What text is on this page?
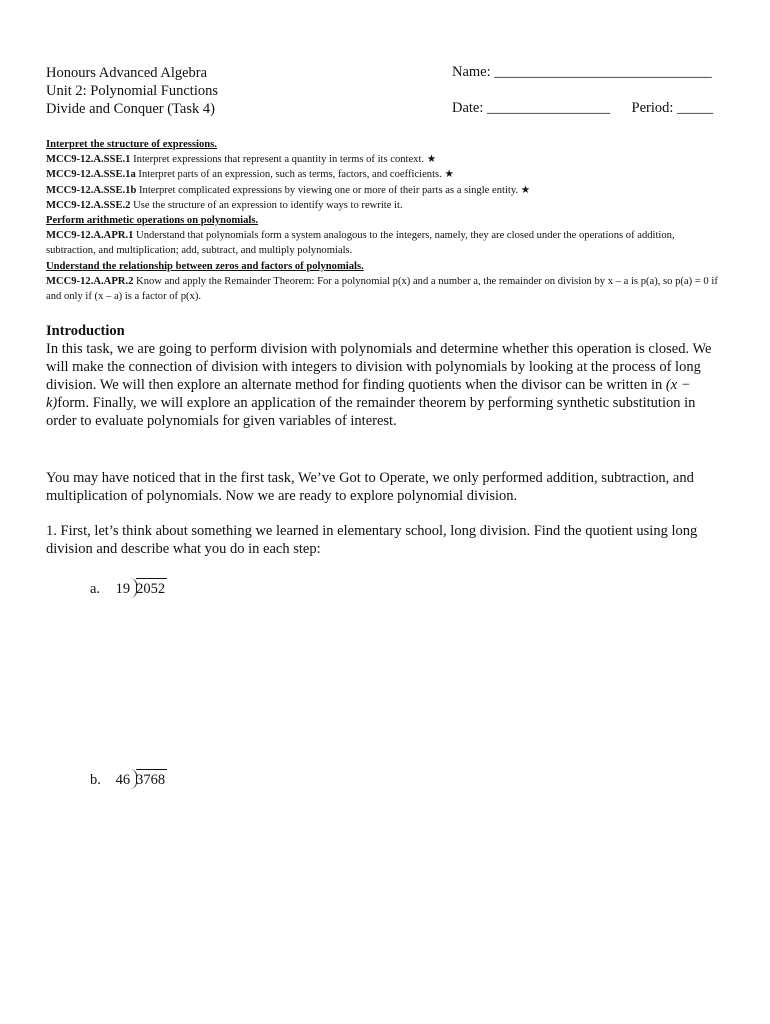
Honours Advanced Algebra
Unit 2: Polynomial Functions
Divide and Conquer (Task 4)
Name: ______________________________
Date: _________________ Period: _____
Interpret the structure of expressions.
MCC9-12.A.SSE.1 Interpret expressions that represent a quantity in terms of its context. ★
MCC9-12.A.SSE.1a Interpret parts of an expression, such as terms, factors, and coefficients. ★
MCC9-12.A.SSE.1b Interpret complicated expressions by viewing one or more of their parts as a single entity. ★
MCC9-12.A.SSE.2 Use the structure of an expression to identify ways to rewrite it.
Perform arithmetic operations on polynomials.
MCC9-12.A.APR.1 Understand that polynomials form a system analogous to the integers, namely, they are closed under the operations of addition, subtraction, and multiplication; add, subtract, and multiply polynomials.
Understand the relationship between zeros and factors of polynomials.
MCC9-12.A.APR.2 Know and apply the Remainder Theorem: For a polynomial p(x) and a number a, the remainder on division by x – a is p(a), so p(a) = 0 if and only if (x – a) is a factor of p(x).
Introduction

In this task, we are going to perform division with polynomials and determine whether this operation is closed. We will make the connection of division with integers to division with polynomials by looking at the process of long division. We will then explore an alternate method for finding quotients when the divisor can be written in (x − k)form. Finally, we will explore an application of the remainder theorem by performing synthetic substitution in order to evaluate polynomials for given variables of interest.

You may have noticed that in the first task, We’ve Got to Operate, we only performed addition, subtraction, and multiplication of polynomials. Now we are ready to explore polynomial division.
1. First, let’s think about something we learned in elementary school, long division. Find the quotient using long division and describe what you do in each step:
a. 19 2052
b. 46 3768
